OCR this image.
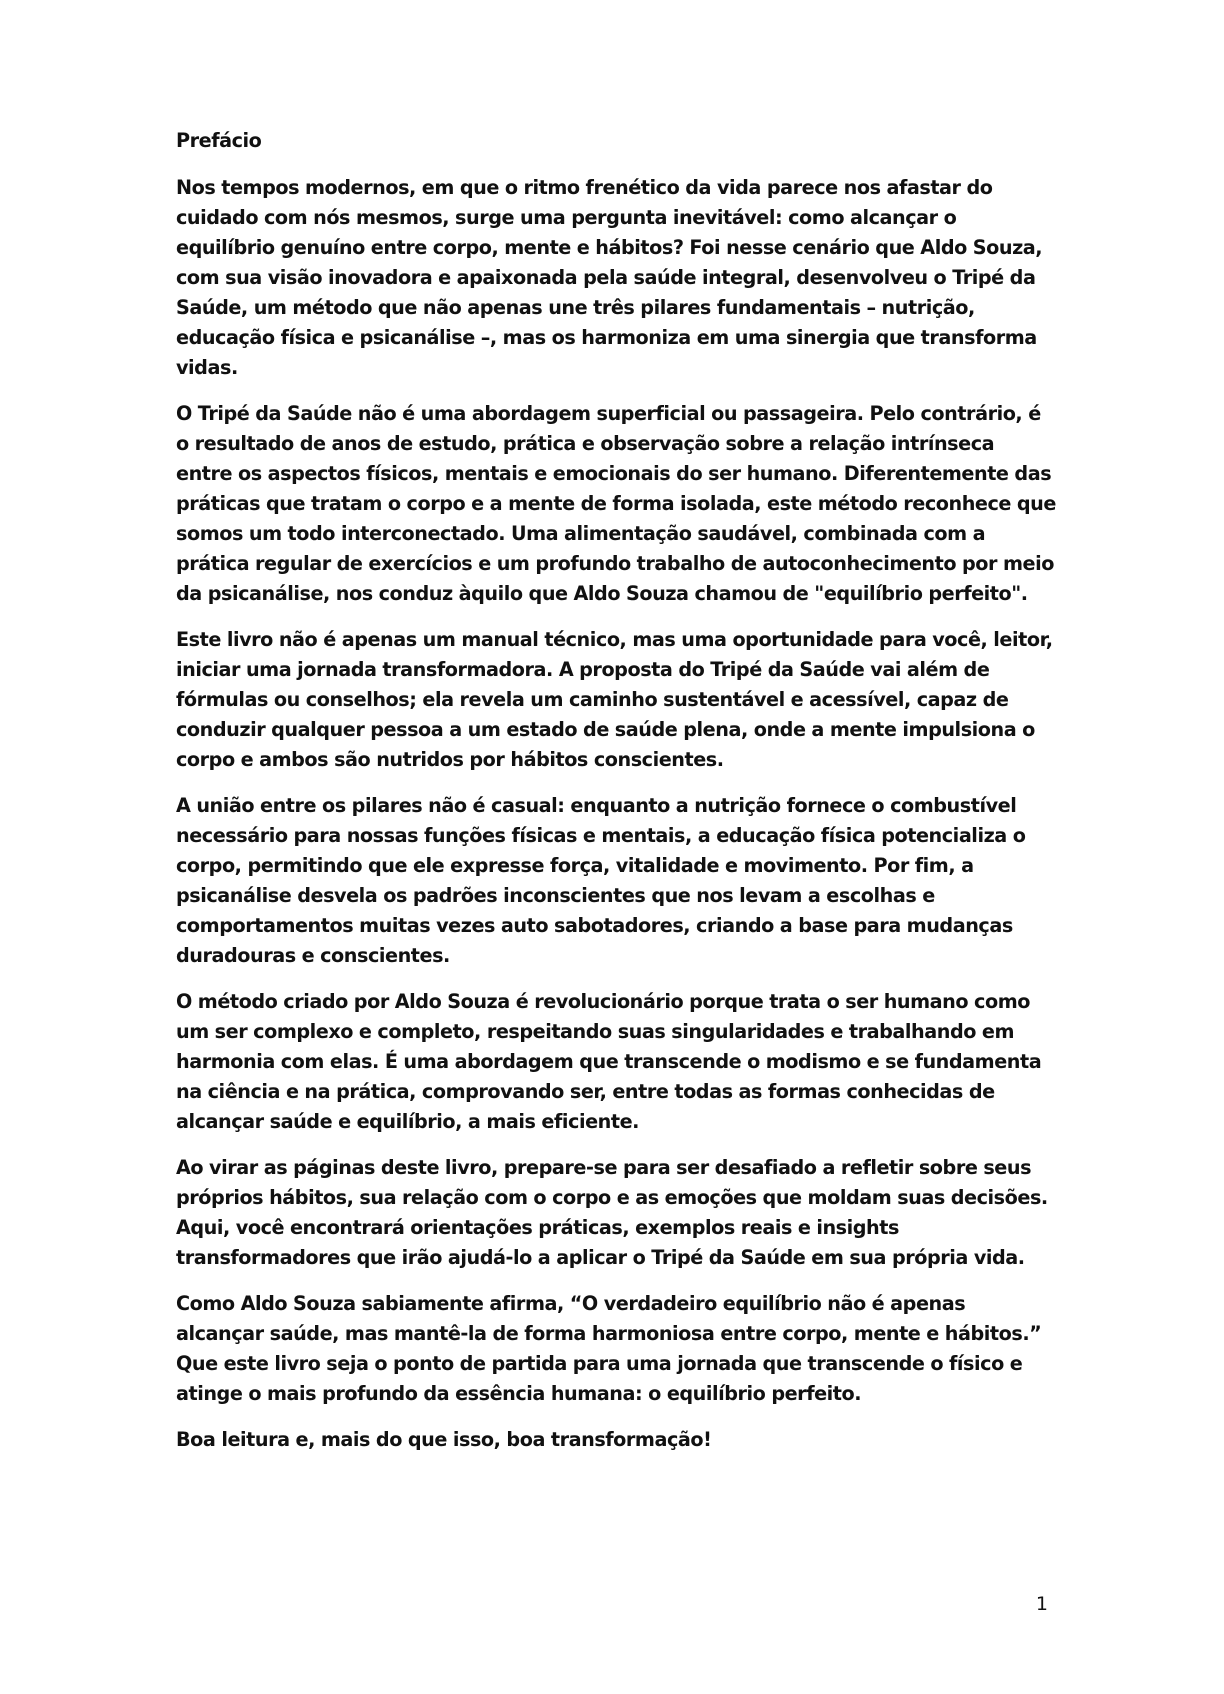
Prefácio

Nos tempos modernos, em que o ritmo frenético da vida parece nos afastar do cuidado com nós mesmos, surge uma pergunta inevitável: como alcançar o equilíbrio genuíno entre corpo, mente e hábitos? Foi nesse cenário que Aldo Souza, com sua visão inovadora e apaixonada pela saúde integral, desenvolveu o Tripé da Saúde, um método que não apenas une três pilares fundamentais – nutrição, educação física e psicanálise –, mas os harmoniza em uma sinergia que transforma vidas.

O Tripé da Saúde não é uma abordagem superficial ou passageira. Pelo contrário, é o resultado de anos de estudo, prática e observação sobre a relação intrínseca entre os aspectos físicos, mentais e emocionais do ser humano. Diferentemente das práticas que tratam o corpo e a mente de forma isolada, este método reconhece que somos um todo interconectado. Uma alimentação saudável, combinada com a prática regular de exercícios e um profundo trabalho de autoconhecimento por meio da psicanálise, nos conduz àquilo que Aldo Souza chamou de "equilíbrio perfeito".

Este livro não é apenas um manual técnico, mas uma oportunidade para você, leitor, iniciar uma jornada transformadora. A proposta do Tripé da Saúde vai além de fórmulas ou conselhos; ela revela um caminho sustentável e acessível, capaz de conduzir qualquer pessoa a um estado de saúde plena, onde a mente impulsiona o corpo e ambos são nutridos por hábitos conscientes.

A união entre os pilares não é casual: enquanto a nutrição fornece o combustível necessário para nossas funções físicas e mentais, a educação física potencializa o corpo, permitindo que ele expresse força, vitalidade e movimento. Por fim, a psicanálise desvela os padrões inconscientes que nos levam a escolhas e comportamentos muitas vezes auto sabotadores, criando a base para mudanças duradouras e conscientes.

O método criado por Aldo Souza é revolucionário porque trata o ser humano como um ser complexo e completo, respeitando suas singularidades e trabalhando em harmonia com elas. É uma abordagem que transcende o modismo e se fundamenta na ciência e na prática, comprovando ser, entre todas as formas conhecidas de alcançar saúde e equilíbrio, a mais eficiente.

Ao virar as páginas deste livro, prepare-se para ser desafiado a refletir sobre seus próprios hábitos, sua relação com o corpo e as emoções que moldam suas decisões. Aqui, você encontrará orientações práticas, exemplos reais e insights transformadores que irão ajudá-lo a aplicar o Tripé da Saúde em sua própria vida.

Como Aldo Souza sabiamente afirma, “O verdadeiro equilíbrio não é apenas alcançar saúde, mas mantê-la de forma harmoniosa entre corpo, mente e hábitos.” Que este livro seja o ponto de partida para uma jornada que transcende o físico e atinge o mais profundo da essência humana: o equilíbrio perfeito.

Boa leitura e, mais do que isso, boa transformação!

1
